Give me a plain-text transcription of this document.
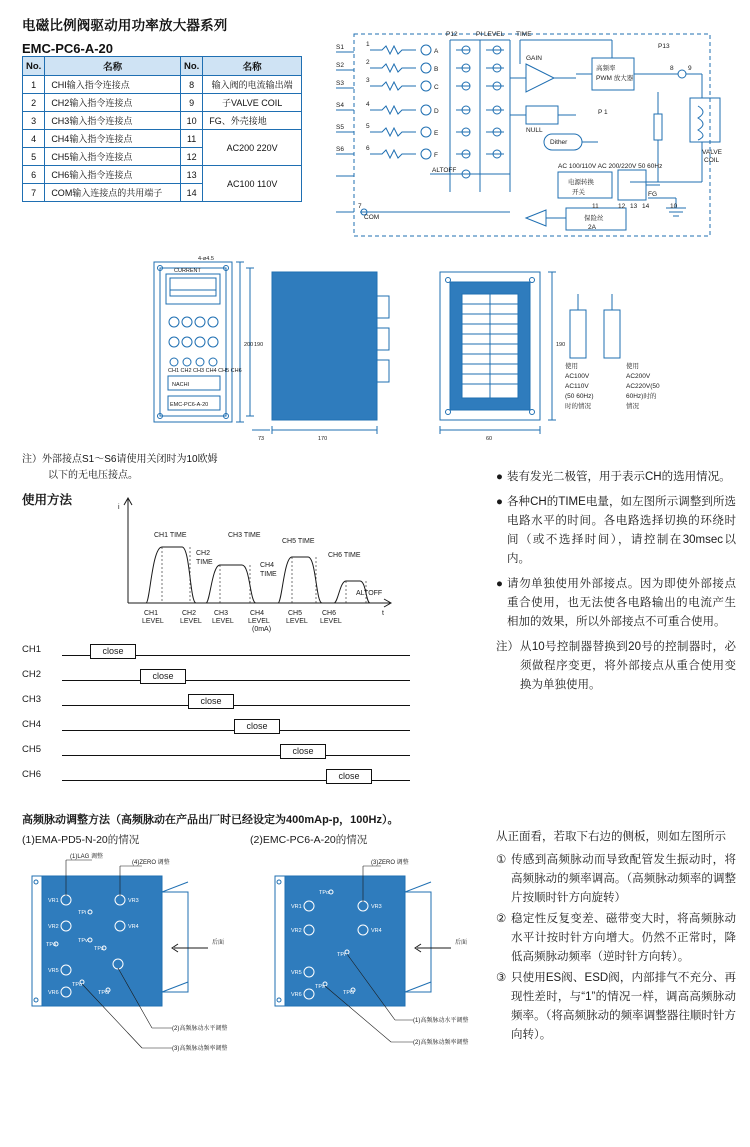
电磁比例阀驱动用功率放大器系列
EMC-PC6-A-20
No.	名称	No.	名称
1	CHI输入指令连接点	8	输入阀的电流输出端
2	CH2输入指令连接点	9	子VALVE COIL
3	CH3输入指令连接点	10	FG、外壳接地
4	CH4输入指令连接点	11	AC200 220V
5	CH5输入指令连接点	12	
6	CH6输入指令连接点	13	AC100 110V
7	COM输入连接点的共用端子	14	
S1
S2
S3
S4
S5
S6
COM
A
B
C
D
E
F
ALTOFF
P12	PI LEVEL TIME
GAIN
NULL
Dither
高频率
PWM 放大器
P13
FG
VALVE
COIL
电源转换
开关
保险丝
2A
AC 100/110V AC 200/220V 50 60Hz
P 1
1
2
3
4
5
6
8 9
10
11	12 13 14
7
CURRENT
CH1 CH2 CH3 CH4 CH5 CH6
NACHI
EMC-PC6-A-20
4-ø4.5
200 190
170
73	60
190
使用
AC100V
AC110V
(50 60Hz)
时的情况
使用
AC200V
AC220V(50
60Hz)时的
情况
注）外部接点S1～S6请使用关闭时为10欧姆
以下的无电压接点。
使用方法
i
CH1 TIME
CH2
TIME
CH3 TIME
CH4
TIME
CH5 TIME
CH6 TIME
ALTOFF
t
CH1
LEVEL
CH2
LEVEL
CH3
LEVEL
CH4
LEVEL
(0mA)
CH5
LEVEL
CH6
LEVEL
CH1	close
CH2	close
CH3	close
CH4	close
CH5	close
CH6	close
高频脉动调整方法（高频脉动在产品出厂时已经设定为400mAp-p，100Hz）。
(1)EMA-PD5-N-20的情况	(2)EMC-PC6-A-20的情况
(1)LAG 调整
(4)ZERO 调整
(2)高频脉动水平调整
(3)高频脉动频率调整
后面
VR1
VR2
VR3
VR4
VR5
VR6
TPi
TPv
TPo
TPs
TPo
TPG
(3)ZERO 调整
(1)高频脉动水平调整
(2)高频脉动频率调整
后面
VR1
VR2
VR3
VR4
VR5
VR6
TPo
TPi
TPs
TPG
● 装有发光二极管，用于表示CH的选用情况。
● 各种CH的TIME电量，如左图所示调整到所选电路水平的时间。各电路选择切换的环绕时间（或不选择时间），请控制在30msec以内。
● 请勿单独使用外部接点。因为即使外部接点重合使用，也无法使各电路输出的电流产生相加的效果，所以外部接点不可重合使用。
注） 从10号控制器替换到20号的控制器时，必须做程序变更，将外部接点从重合使用变换为单独使用。
从正面看，若取下右边的侧板，则如左图所示
① 传感到高频脉动而导致配管发生振动时，将高频脉动的频率调高。（高频脉动频率的调整片按顺时针方向旋转）
② 稳定性反复变差、磁带变大时，将高频脉动水平计按时针方向增大。仍然不正常时，降低高频脉动频率（逆时针方向转）。
③ 只使用ES阀、ESD阀，内部排气不充分、再现性差时，与“1”的情况一样，调高高频脉动频率。（将高频脉动的频率调整器往顺时针方向转）。
